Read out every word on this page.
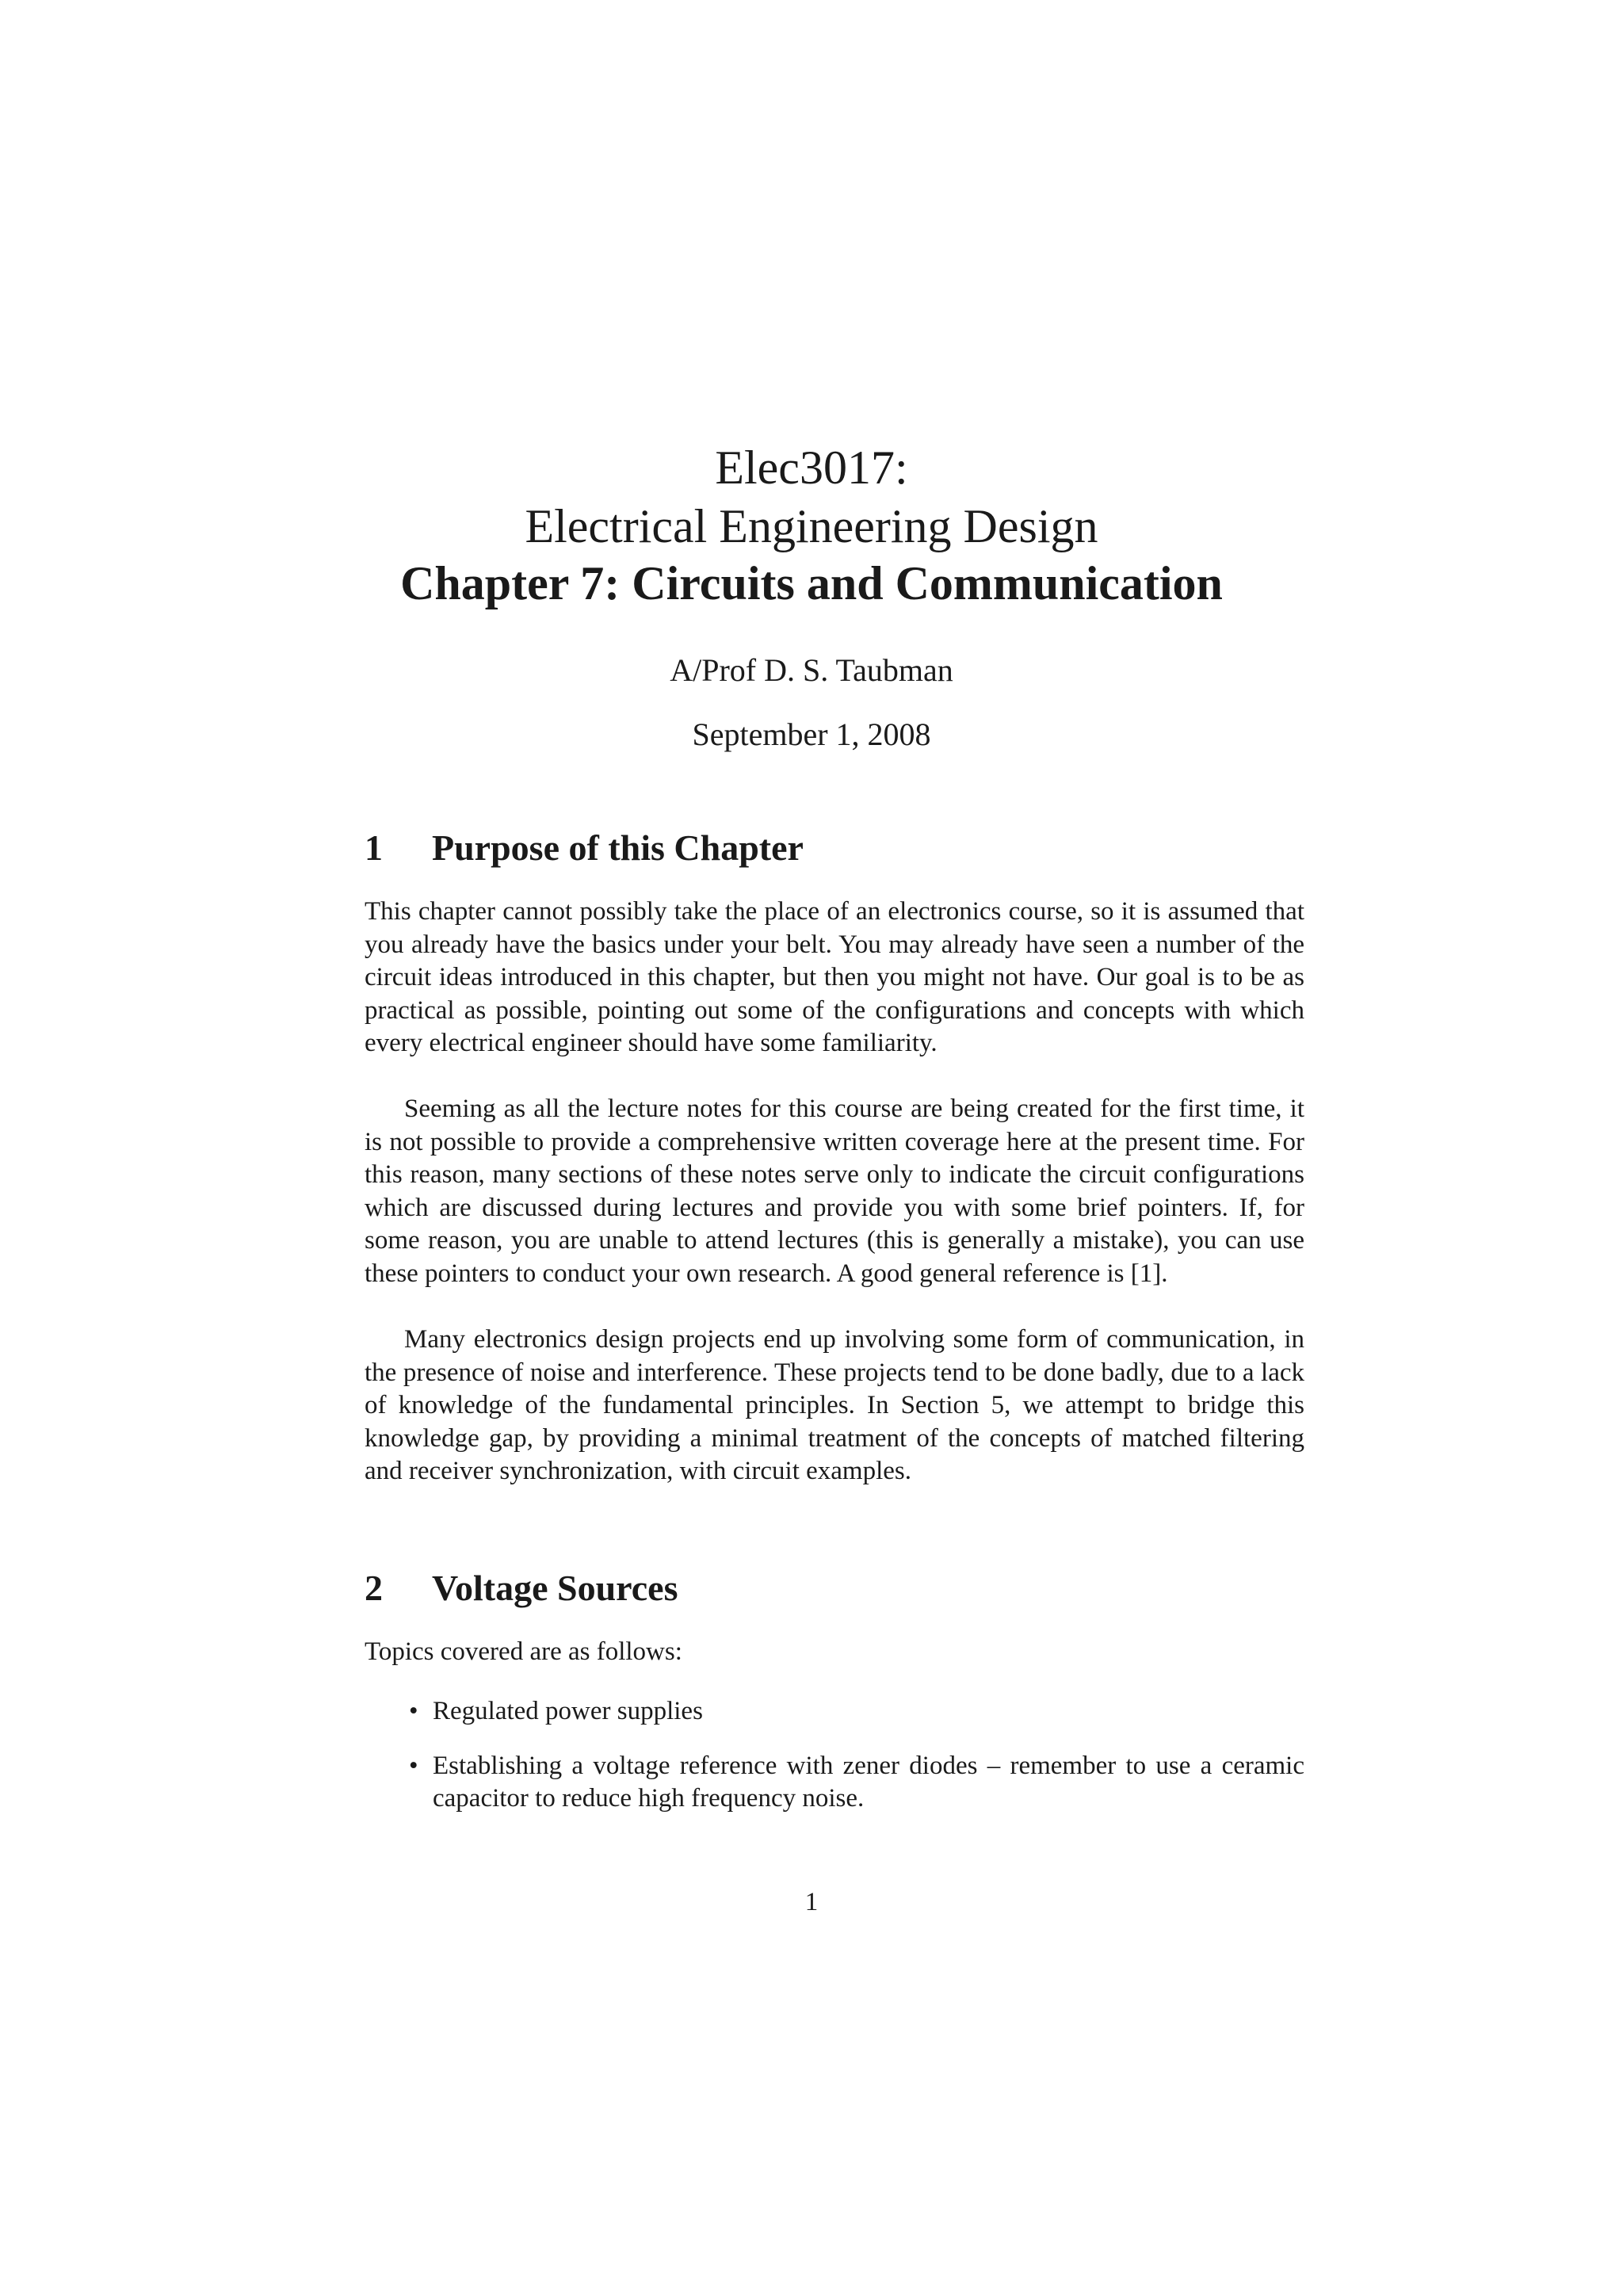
Elec3017:
Electrical Engineering Design
Chapter 7: Circuits and Communication
A/Prof D. S. Taubman
September 1, 2008
1 Purpose of this Chapter

This chapter cannot possibly take the place of an electronics course, so it is assumed that you already have the basics under your belt. You may already have seen a number of the circuit ideas introduced in this chapter, but then you might not have. Our goal is to be as practical as possible, pointing out some of the configurations and concepts with which every electrical engineer should have some familiarity.

Seeming as all the lecture notes for this course are being created for the first time, it is not possible to provide a comprehensive written coverage here at the present time. For this reason, many sections of these notes serve only to indicate the circuit configurations which are discussed during lectures and provide you with some brief pointers. If, for some reason, you are unable to attend lectures (this is generally a mistake), you can use these pointers to conduct your own research. A good general reference is [1].

Many electronics design projects end up involving some form of communication, in the presence of noise and interference. These projects tend to be done badly, due to a lack of knowledge of the fundamental principles. In Section 5, we attempt to bridge this knowledge gap, by providing a minimal treatment of the concepts of matched filtering and receiver synchronization, with circuit examples.

2 Voltage Sources

Topics covered are as follows:

• Regulated power supplies
• Establishing a voltage reference with zener diodes – remember to use a ceramic capacitor to reduce high frequency noise.
1
